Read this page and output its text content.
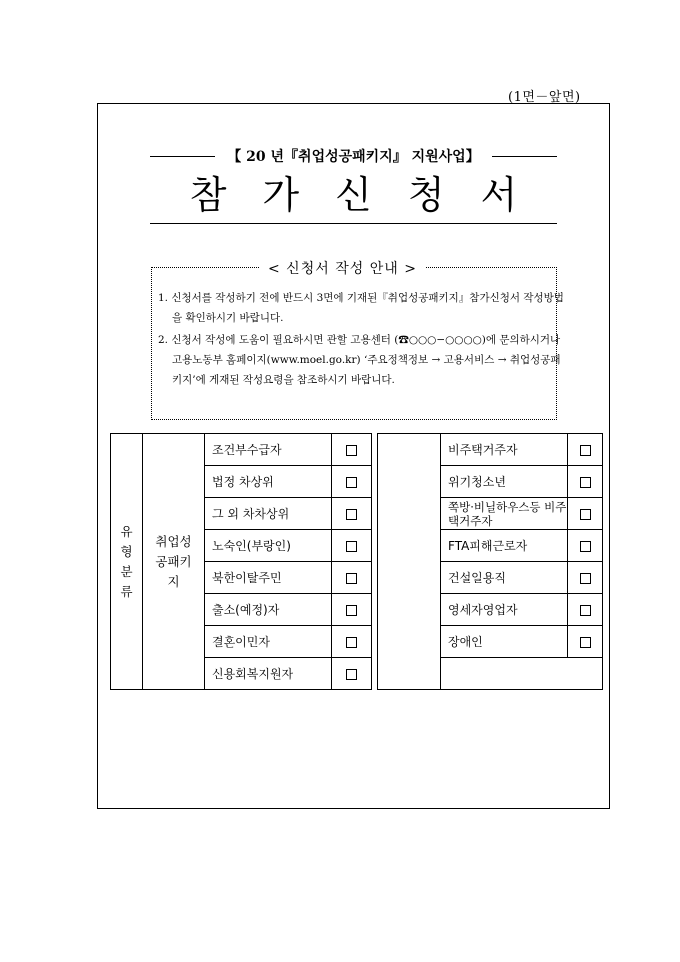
(1면－앞면)
【 20 년『취업성공패키지』 지원사업】
참가신청서
< 신청서 작성 안내 >
1. 신청서를 작성하기 전에 반드시 3면에 기재된『취업성공패키지』참가신청서 작성방법을 확인하시기 바랍니다.
2. 신청서 작성에 도움이 필요하시면 관할 고용센터 (☎○○○−○○○○)에 문의하시거나 고용노동부 홈페이지(www.moel.go.kr) ‘주요정책정보 → 고용서비스 → 취업성공패키지’에 게재된 작성요령을 참조하시기 바랍니다.
유형분류	취업성공패키지	조건부수급자				비주택거주자		
		법정 차상위				위기청소년		
		그 외 차차상위				쪽방·비닐하우스등 비주택거주자		
		노숙인(부랑인)				FTA피해근로자		
		북한이탈주민				건설일용직		
		출소(예정)자				영세자영업자		
		결혼이민자				장애인		
		신용회복지원자						
